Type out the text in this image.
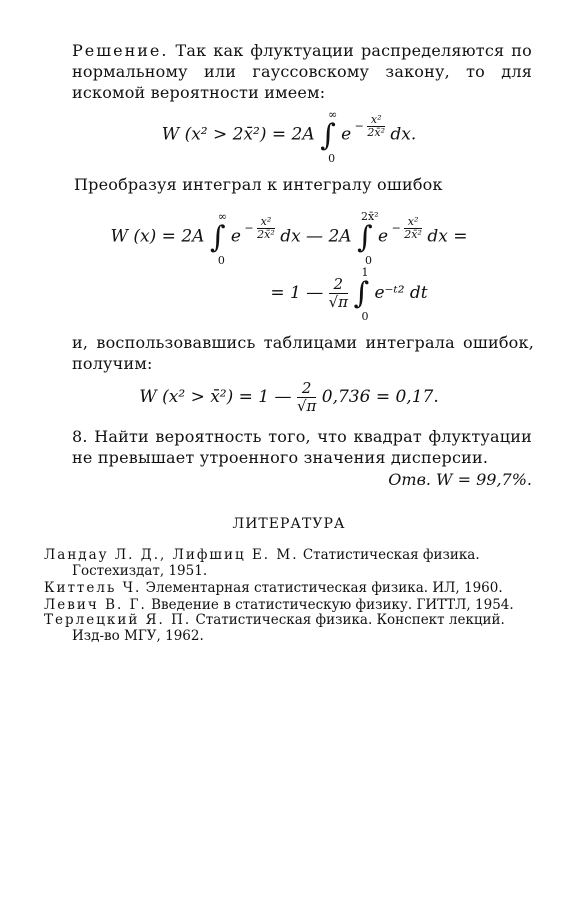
Решение. Так как флуктуации распределяются по нормальному или гауссовскому закону, то для искомой вероятности имеем:
W (x² > 2x̄²) = 2A ∫
∞
0
$e - \frac{\text{x²}}{\text{2x̄²}}$ dx.
Преобразуя интеграл к интегралу ошибок
W (x) = 2A ∫
∞
0
$e - \frac{\text{x²}}{\text{2x̄²}}$ dx — 2A ∫
2x̄²
0
$e - \frac{\text{x²}}{\text{2x̄²}}$ dx =
= 1 — $\frac{2}{√\pi}$ ∫
1
0
e⁻ᵗ² dt
и, воспользовавшись таблицами интеграла ошибок, получим:
W (x² > x̄²) = 1 — $\frac{2}{√\pi} 0,736 = 0,17$.
8. Найти вероятность того, что квадрат флуктуации не превышает утроенного значения дисперсии.
Отв. W = 99,7%.
ЛИТЕРАТУРА
Ландау Л. Д., Лифшиц Е. М. Статистическая физика.
Гостехиздат, 1951.
Киттель Ч. Элементарная статистическая физика. ИЛ, 1960.
Левич В. Г. Введение в статистическую физику. ГИТТЛ, 1954.
Терлецкий Я. П. Статистическая физика. Конспект лекций.
Изд-во МГУ, 1962.
